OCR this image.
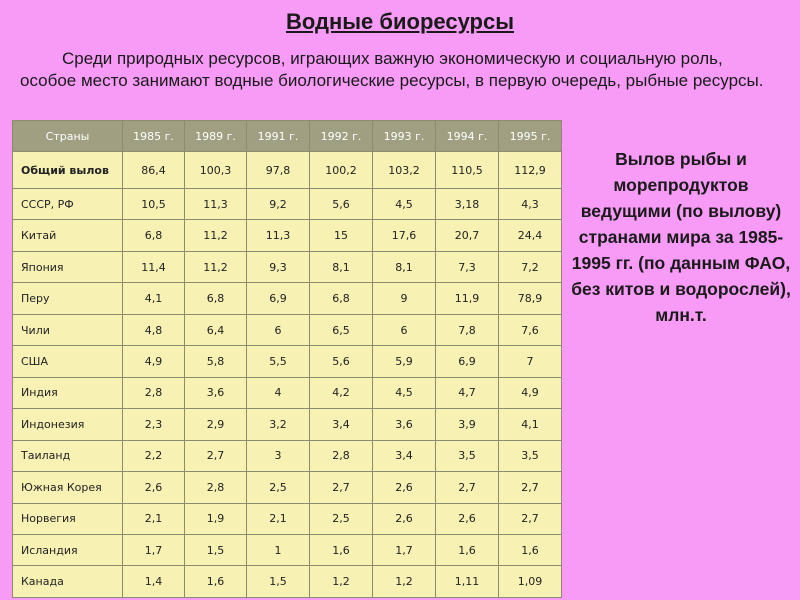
Водные биоресурсы

Среди природных ресурсов, играющих важную экономическую и социальную роль, особое место занимают водные биологические ресурсы, в первую очередь, рыбные ресурсы.

Страны	1985 г.	1989 г.	1991 г.	1992 г.	1993 г.	1994 г.	1995 г.
Общий вылов	86,4	100,3	97,8	100,2	103,2	110,5	112,9
СССР, РФ	10,5	11,3	9,2	5,6	4,5	3,18	4,3
Китай	6,8	11,2	11,3	15	17,6	20,7	24,4
Япония	11,4	11,2	9,3	8,1	8,1	7,3	7,2
Перу	4,1	6,8	6,9	6,8	9	11,9	78,9
Чили	4,8	6,4	6	6,5	6	7,8	7,6
США	4,9	5,8	5,5	5,6	5,9	6,9	7
Индия	2,8	3,6	4	4,2	4,5	4,7	4,9
Индонезия	2,3	2,9	3,2	3,4	3,6	3,9	4,1
Таиланд	2,2	2,7	3	2,8	3,4	3,5	3,5
Южная Корея	2,6	2,8	2,5	2,7	2,6	2,7	2,7
Норвегия	2,1	1,9	2,1	2,5	2,6	2,6	2,7
Исландия	1,7	1,5	1	1,6	1,7	1,6	1,6
Канада	1,4	1,6	1,5	1,2	1,2	1,11	1,09

Вылов рыбы и морепродуктов ведущими (по вылову) странами мира за 1985-1995 гг. (по данным ФАО, без китов и водорослей), млн.т.
